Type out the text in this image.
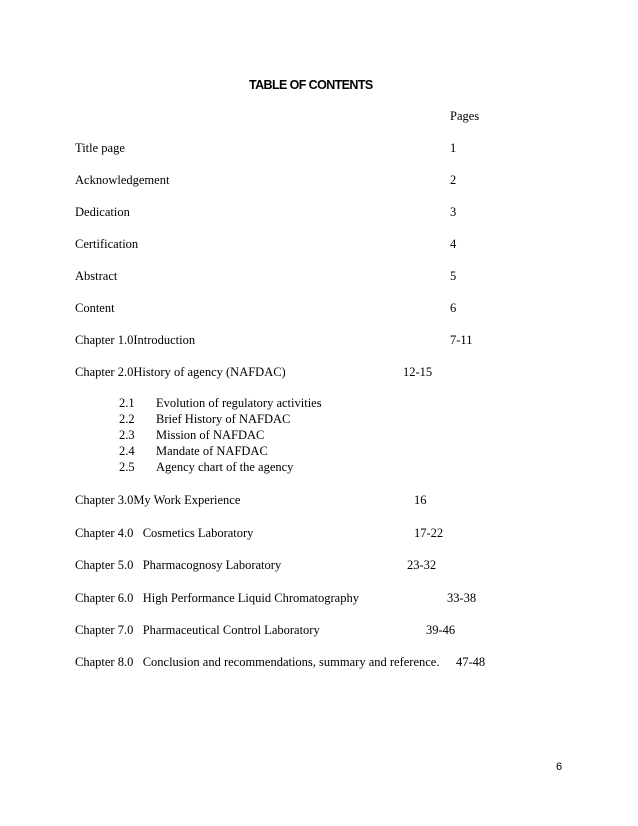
TABLE OF CONTENTS
Pages
Title page	1
Acknowledgement	2
Dedication	3
Certification	4
Abstract	5
Content	6
Chapter 1.0Introduction	7-11
Chapter 2.0History of agency (NAFDAC)	12-15
2.1 Evolution of regulatory activities
2.2 Brief History of NAFDAC
2.3 Mission of NAFDAC
2.4 Mandate of NAFDAC
2.5 Agency chart of the agency
Chapter 3.0My Work Experience	16
Chapter 4.0   Cosmetics Laboratory	17-22
Chapter 5.0   Pharmacognosy Laboratory	23-32
Chapter 6.0   High Performance Liquid Chromatography	33-38
Chapter 7.0   Pharmaceutical Control Laboratory	39-46
Chapter 8.0   Conclusion and recommendations, summary and reference. 47-48
6
